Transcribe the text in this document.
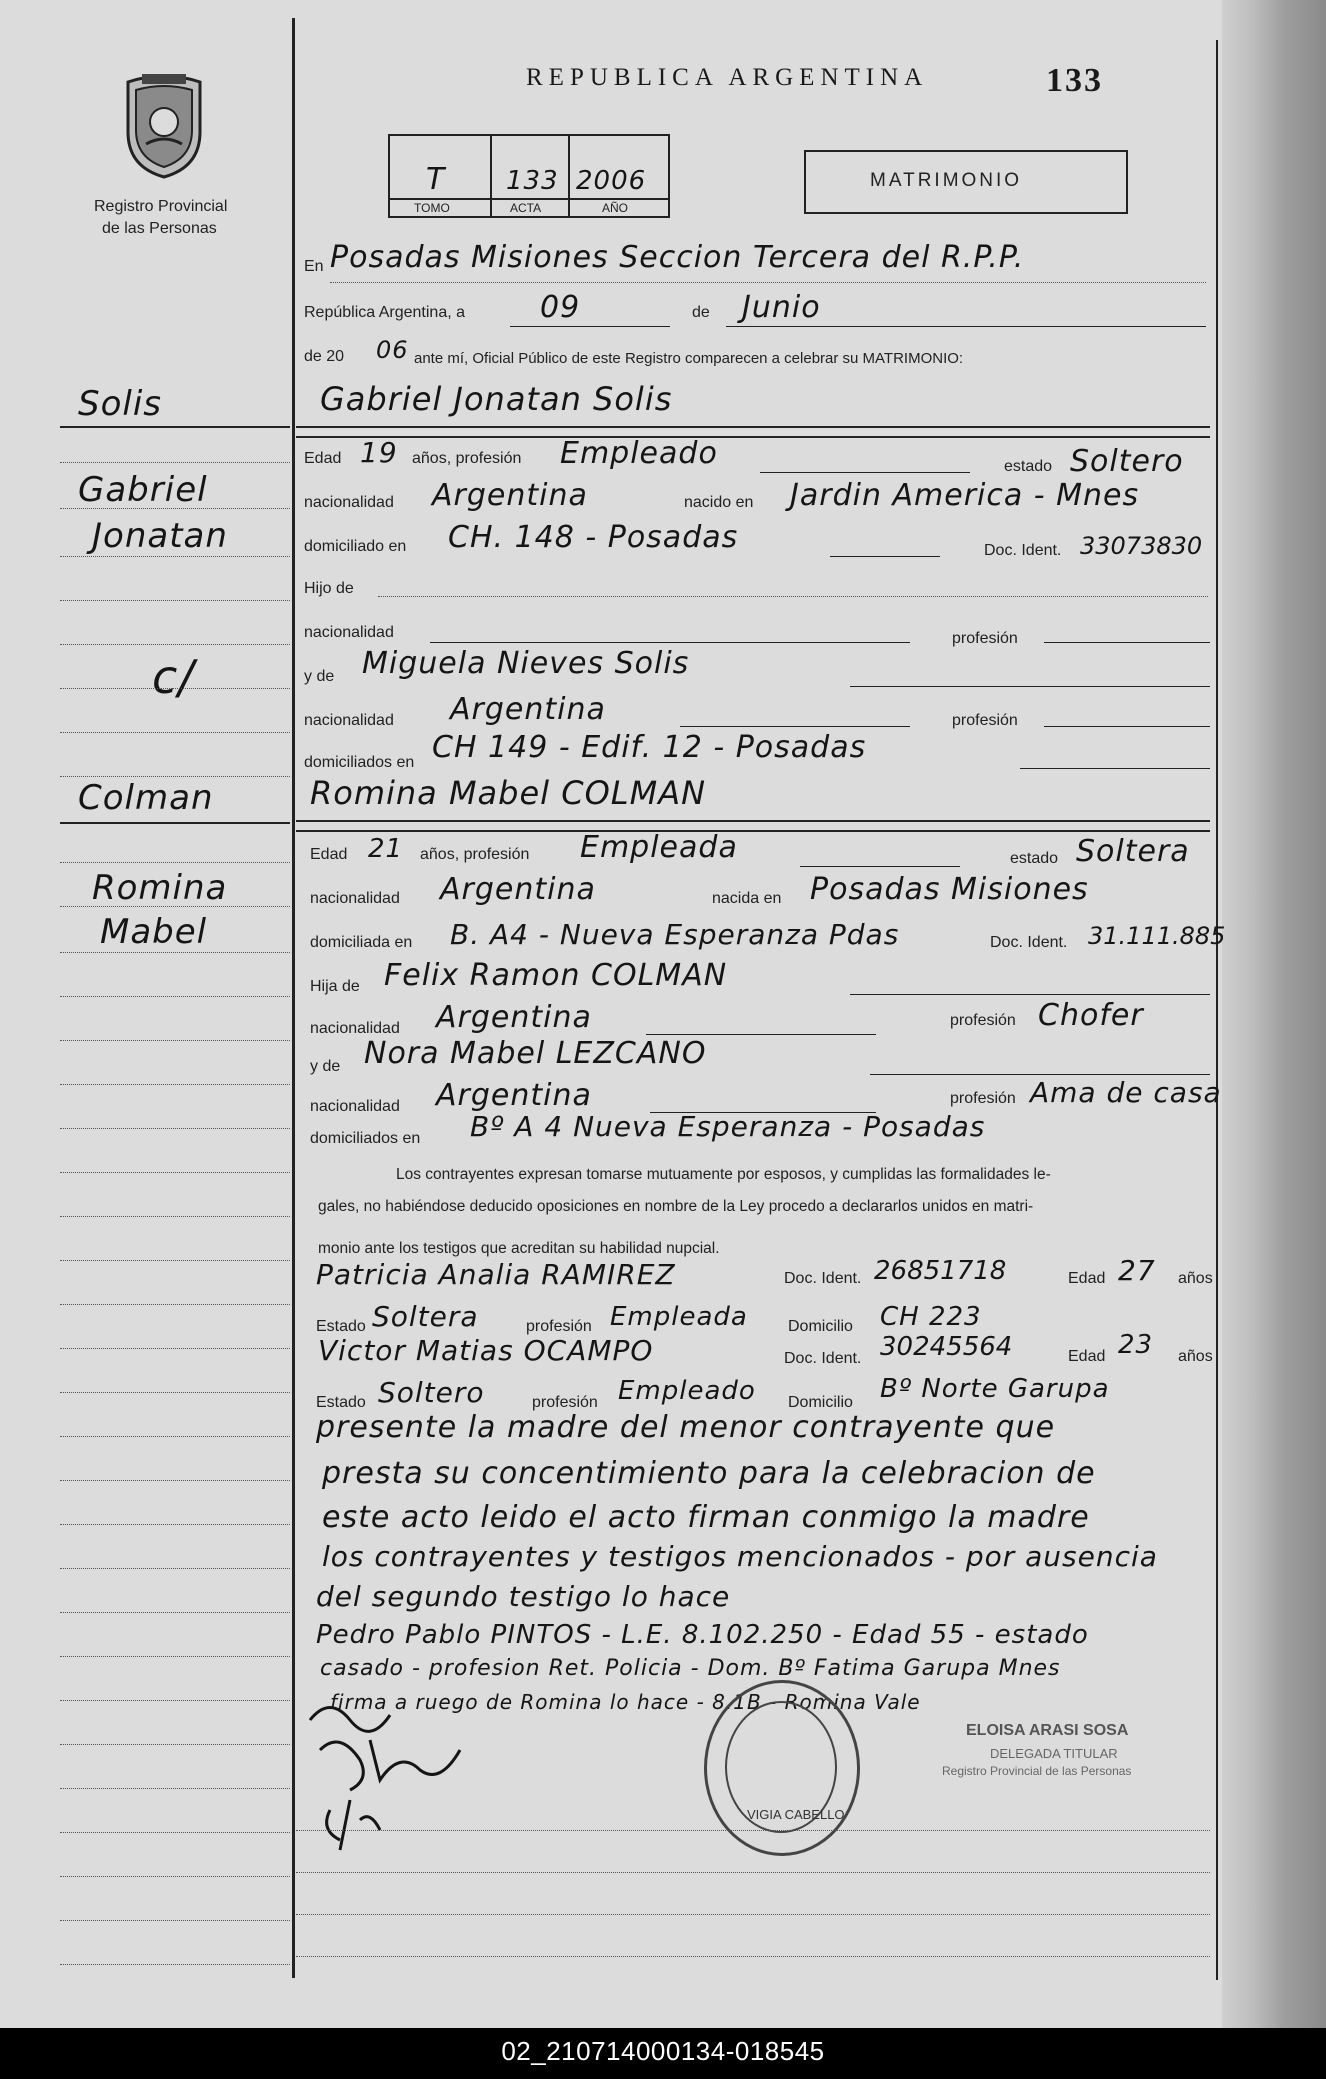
Registro Provincial
de las Personas
REPUBLICA ARGENTINA	133
T 133 2006
TOMO	ACTA	AÑO
MATRIMONIO
En Posadas Misiones Seccion Tercera del R.P.P.
República Argentina, a	09	de Junio
de 20 06 ante mí, Oficial Público de este Registro comparecen a celebrar su MATRIMONIO:
Solis
Gabriel
Jonatan
c/
Colman
Romina
Mabel
Gabriel Jonatan Solis
Edad 19 años, profesión Empleado	estado Soltero
nacionalidad Argentina	nacido en Jardin America - Mnes
domiciliado en CH. 148 - Posadas	Doc. Ident. 33073830
Hijo de
nacionalidad	profesión
y de Miguela Nieves Solis
nacionalidad Argentina	profesión
domiciliados en CH 149 - Edif. 12 - Posadas
Romina Mabel COLMAN
Edad 21 años, profesión Empleada	estado Soltera
nacionalidad Argentina	nacida en Posadas Misiones
domiciliada en B. A4 - Nueva Esperanza Pdas	Doc. Ident. 31.111.885
Hija de Felix Ramon COLMAN
nacionalidad Argentina	profesión Chofer
y de Nora Mabel LEZCANO
nacionalidad Argentina	profesión Ama de casa
domiciliados en Bº A 4 Nueva Esperanza - Posadas
Los contrayentes expresan tomarse mutuamente por esposos, y cumplidas las formalidades le-
gales, no habiéndose deducido oposiciones en nombre de la Ley procedo a declararlos unidos en matri-
monio ante los testigos que acreditan su habilidad nupcial.
Patricia Analia RAMIREZ	Doc. Ident. 26851718	Edad 27 años
Estado Soltera	profesión Empleada	Domicilio CH 223
Victor Matias OCAMPO	Doc. Ident. 30245564	Edad 23 años
Estado Soltero	profesión Empleado Domicilio Bº Norte Garupa
presente la madre del menor contrayente que
presta su concentimiento para la celebracion de
este acto leido el acto firman conmigo la madre
los contrayentes y testigos mencionados - por ausencia
del segundo testigo lo hace
Pedro Pablo PINTOS - L.E. 8.102.250 - Edad 55 - estado
casado - profesion Ret. Policia - Dom. Bº Fatima Garupa Mnes
firma a ruego de Romina lo hace - 8.1B - Romina Vale
VIGIA CABELLO
ELOISA ARASI SOSA
DELEGADA TITULAR
Registro Provincial de las Personas
02_210714000134-018545
